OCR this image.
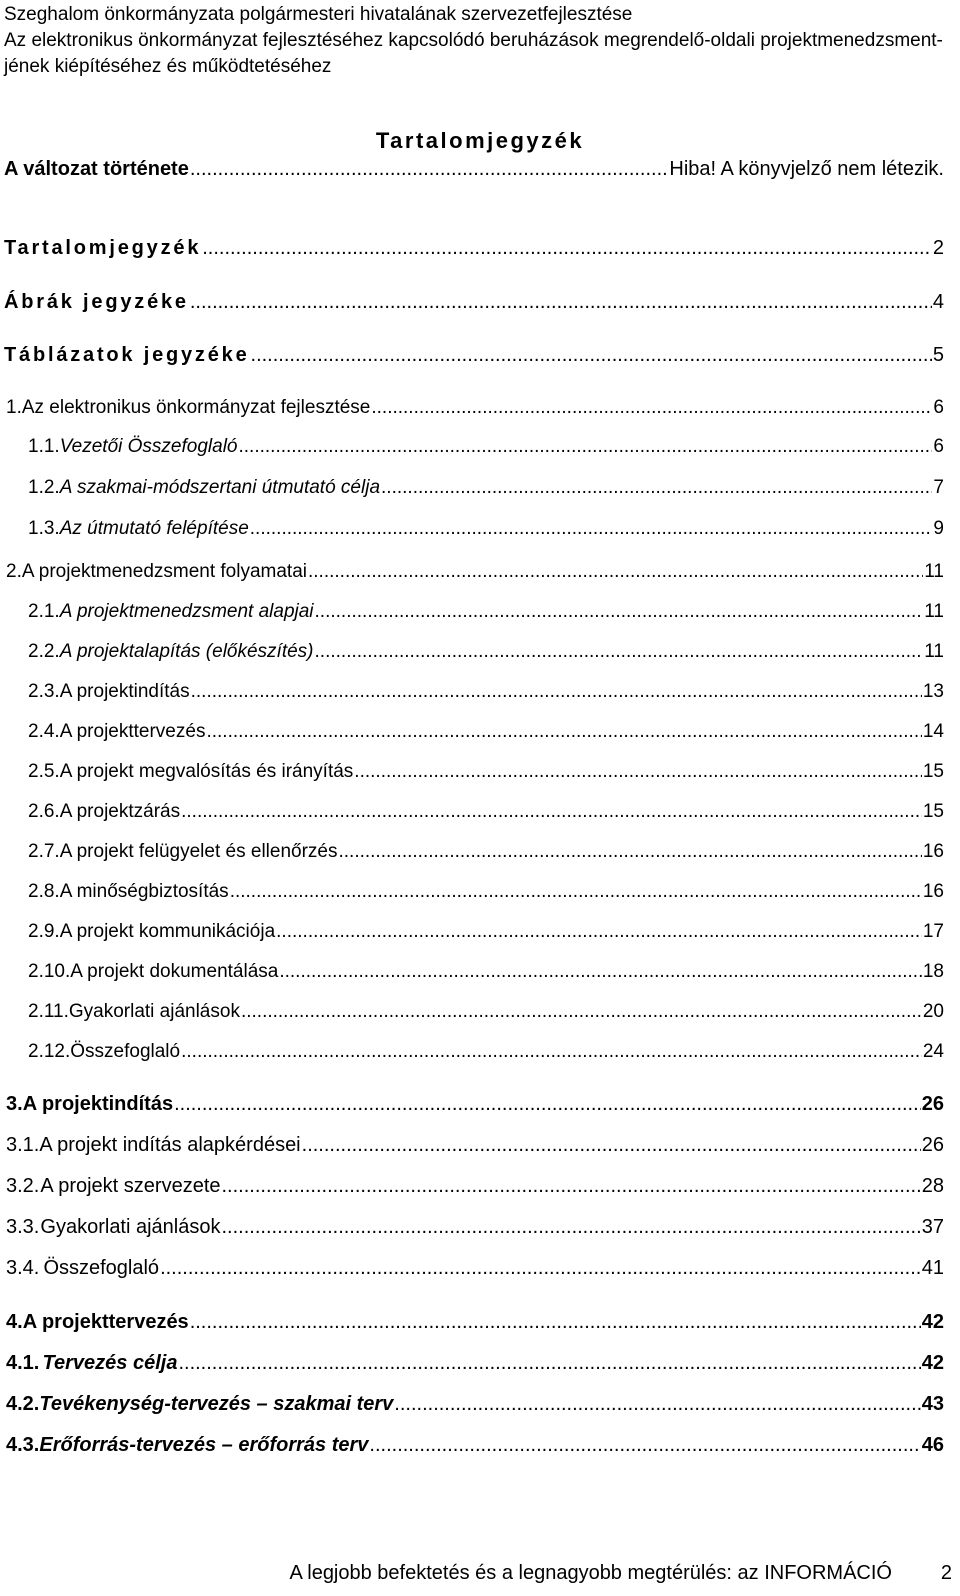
Szeghalom önkormányzata polgármesteri hivatalának szervezetfejlesztése
Az elektronikus önkormányzat fejlesztéséhez kapcsolódó beruházások megrendelő-oldali projektmenedzsment-
jének kiépítéséhez és működtetéséhez
Tartalomjegyzék
A változat története .....	Hiba! A könyvjelző nem létezik.
Tartalomjegyzék .....	2
Ábrák jegyzéke .....	4
Táblázatok jegyzéke .....	5
1. Az elektronikus önkormányzat fejlesztése .....	6
1.1. Vezetői Összefoglaló .....	6
1.2. A szakmai-módszertani útmutató célja .....	7
1.3. Az útmutató felépítése .....	9
2. A projektmenedzsment folyamatai .....	11
2.1. A projektmenedzsment alapjai .....	11
2.2. A projektalapítás (előkészítés) .....	11
2.3. A projektindítás .....	13
2.4. A projekttervezés .....	14
2.5. A projekt megvalósítás és irányítás .....	15
2.6. A projektzárás .....	15
2.7. A projekt felügyelet és ellenőrzés .....	16
2.8. A minőségbiztosítás .....	16
2.9. A projekt kommunikációja .....	17
2.10. A projekt dokumentálása .....	18
2.11. Gyakorlati ajánlások .....	20
2.12. Összefoglaló .....	24
3. A projektindítás .....	26
3.1. A projekt indítás alapkérdései .....	26
3.2. A projekt szervezete .....	28
3.3. Gyakorlati ajánlások .....	37
3.4. Összefoglaló .....	41
4. A projekttervezés .....	42
4.1. Tervezés célja .....	42
4.2. Tevékenység-tervezés – szakmai terv .....	43
4.3. Erőforrás-tervezés – erőforrás terv .....	46
A legjobb befektetés és a legnagyobb megtérülés: az INFORMÁCIÓ	2
